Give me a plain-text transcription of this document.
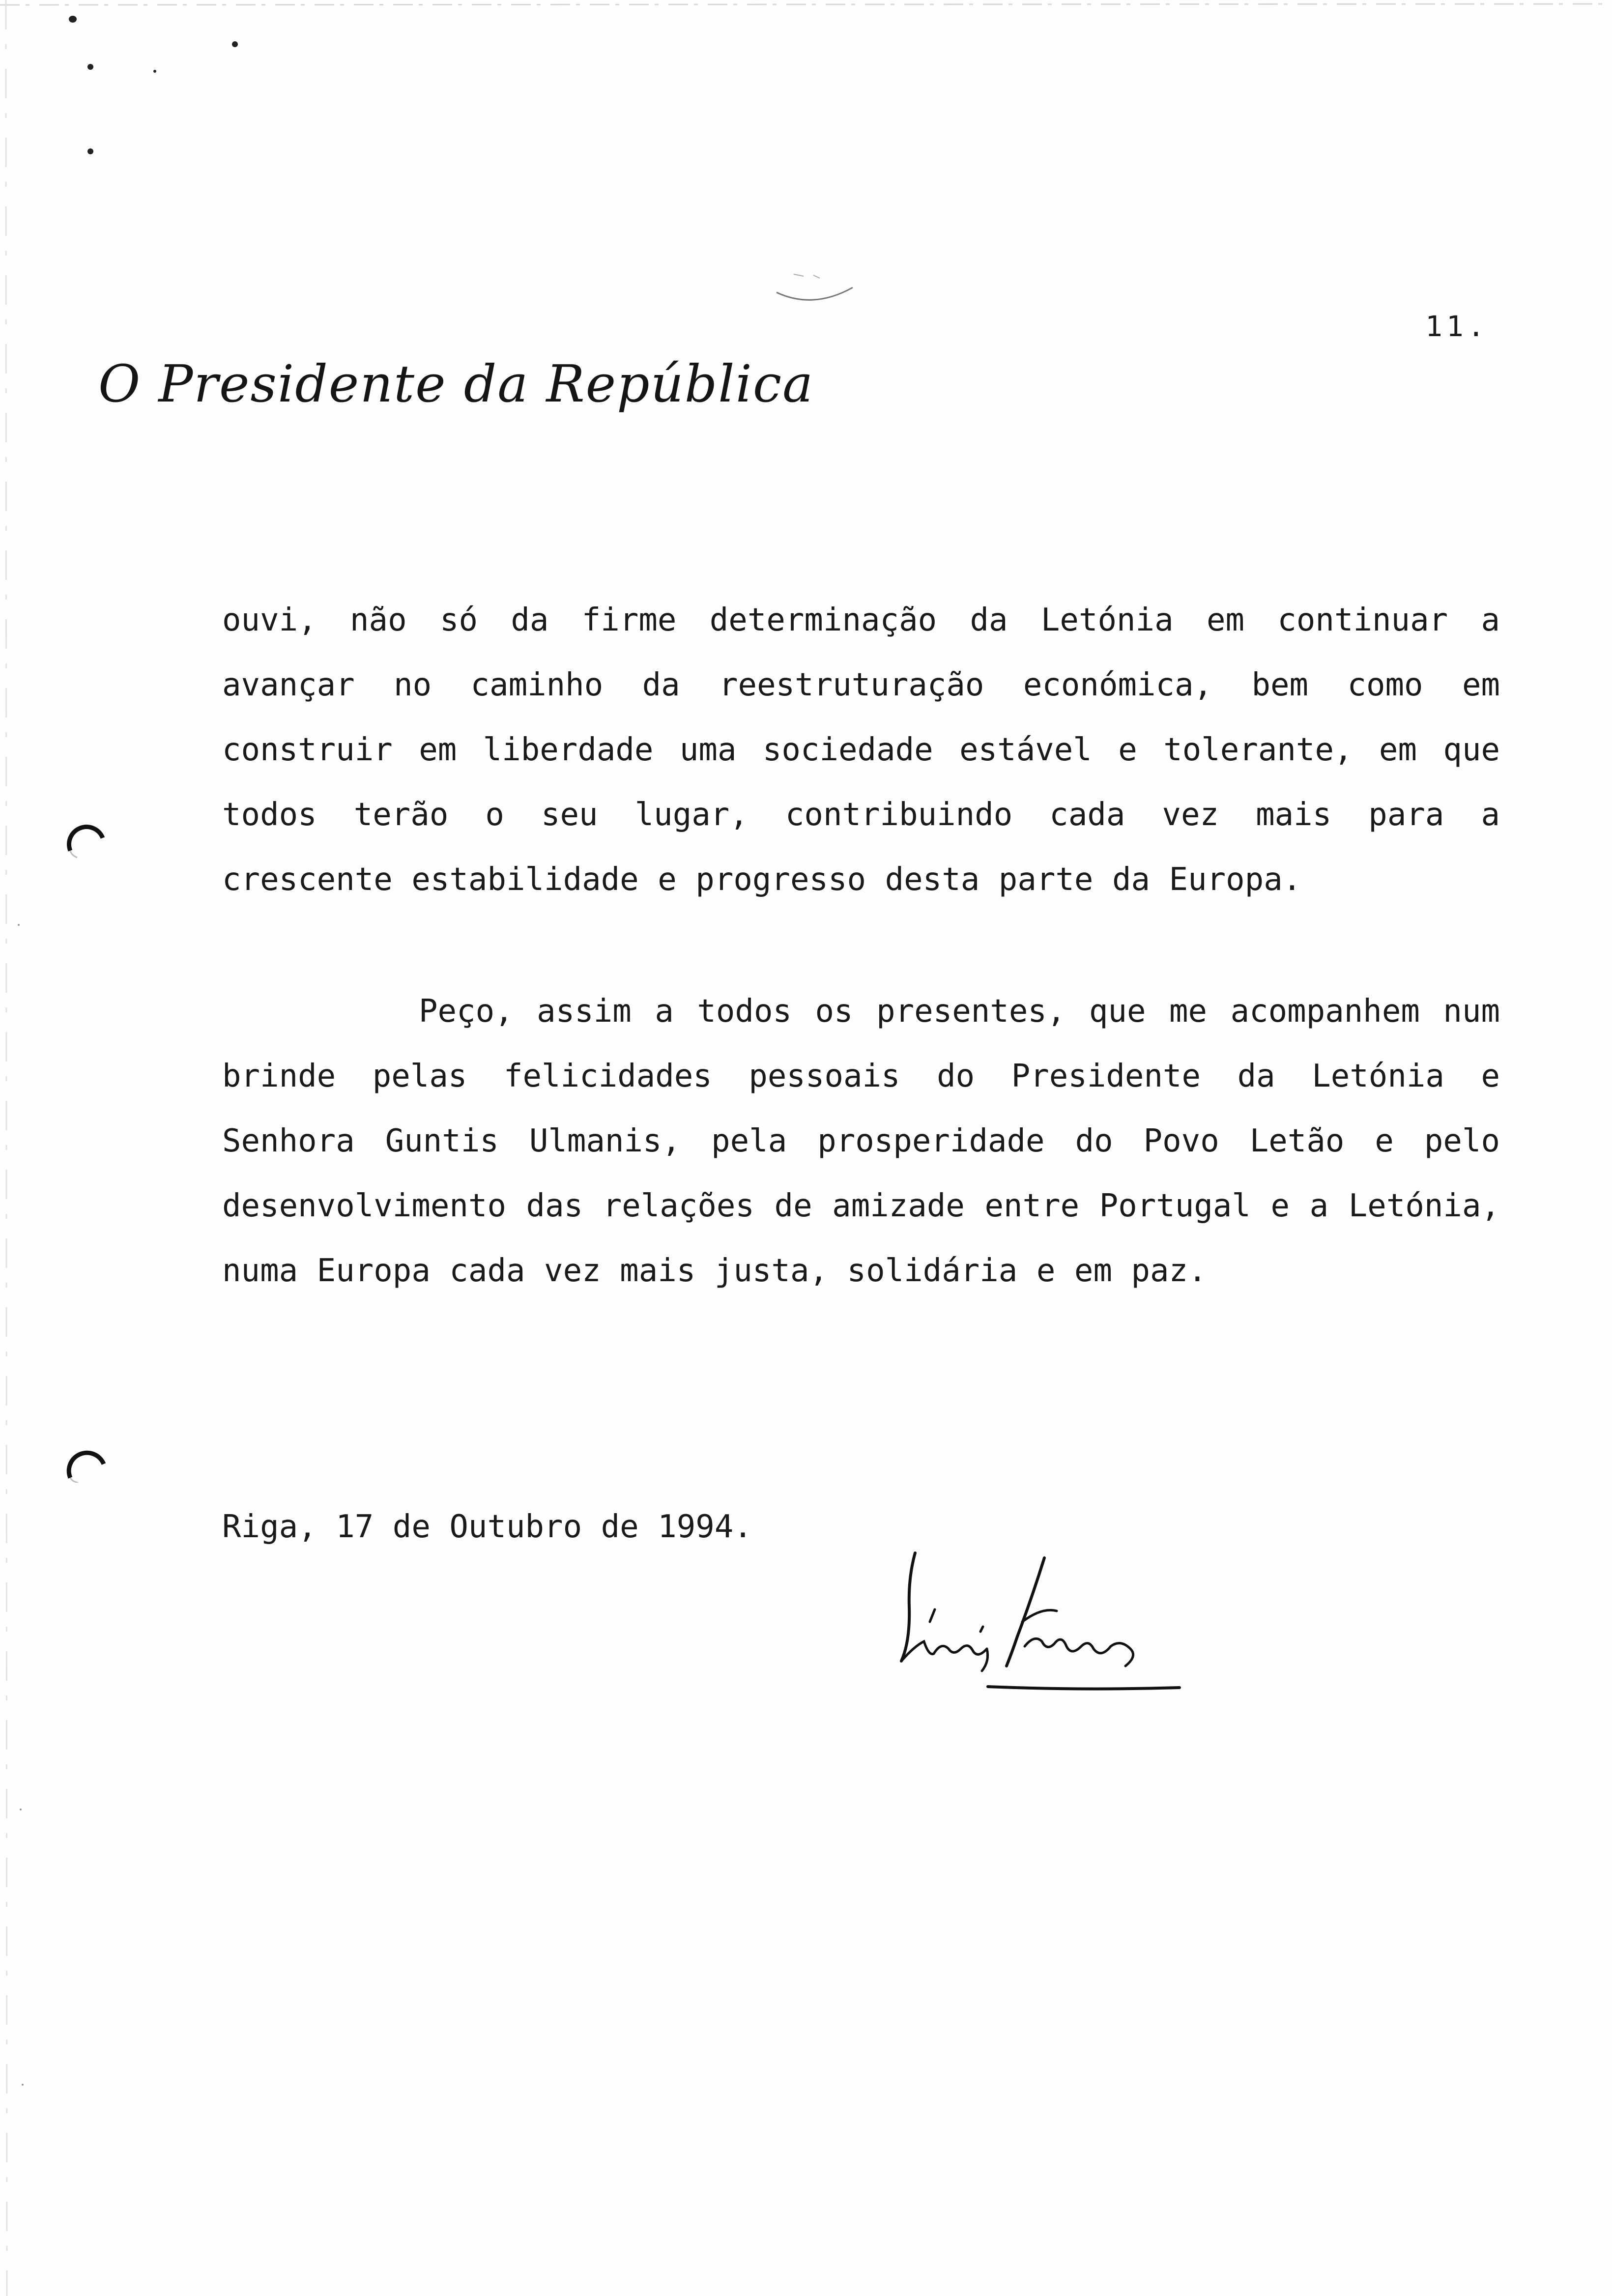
11.
O Presidente da República
ouvi, não só da firme determinação da Letónia em continuar a avançar no caminho da reestruturação económica, bem como em construir em liberdade uma sociedade estável e tolerante, em que todos terão o seu lugar, contribuindo cada vez mais para a crescente estabilidade e progresso desta parte da Europa.
Peço, assim a todos os presentes, que me acompanhem num brinde pelas felicidades pessoais do Presidente da Letónia e Senhora Guntis Ulmanis, pela prosperidade do Povo Letão e pelo desenvolvimento das relações de amizade entre Portugal e a Letónia, numa Europa cada vez mais justa, solidária e em paz.
Riga, 17 de Outubro de 1994.
